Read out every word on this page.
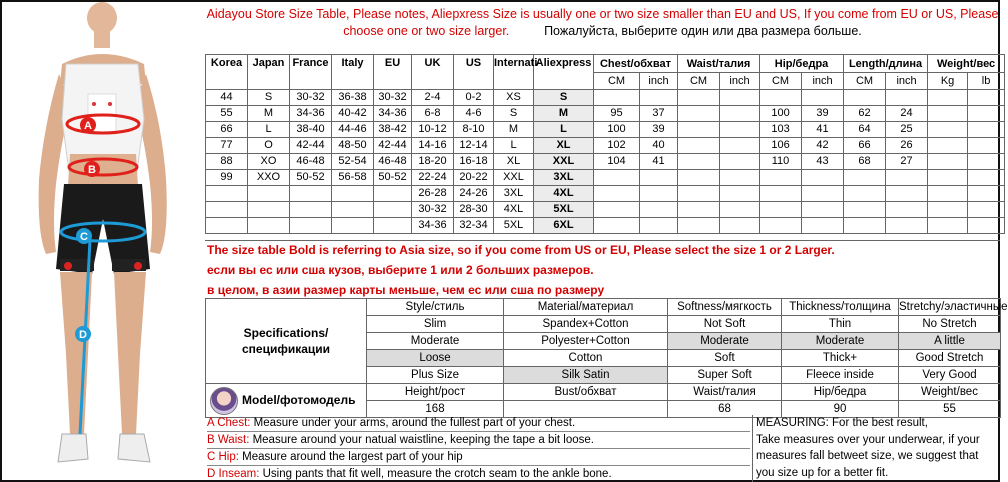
A
B
C
D
Aidayou Store Size Table, Please notes, Aliepxress Size is usually one or two size smaller than EU and US, If you come from EU or US, Please
choose one or two size larger.	Пожалуйста, выберите один или два размера больше.
Korea	Japan	France	Italy	EU	UK	US	Internati-	Aliexpress	Chest/обхват		Waist/талия		Hip/бедра		Length/длина		Weight/вес	
									CM	inch	CM	inch	CM	inch	CM	inch	Kg	lb
44	S	30-32	36-38	30-32	2-4	0-2	XS	S										
55	M	34-36	40-42	34-36	6-8	4-6	S	M	95	37			100	39	62	24		
66	L	38-40	44-46	38-42	10-12	8-10	M	L	100	39			103	41	64	25		
77	O	42-44	48-50	42-44	14-16	12-14	L	XL	102	40			106	42	66	26		
88	XO	46-48	52-54	46-48	18-20	16-18	XL	XXL	104	41			110	43	68	27		
99	XXO	50-52	56-58	50-52	22-24	20-22	XXL	3XL										
					26-28	24-26	3XL	4XL										
					30-32	28-30	4XL	5XL										
					34-36	32-34	5XL	6XL										
The size table Bold is referring to Asia size, so if you come from US or EU, Please select the size 1 or 2 Larger.
если вы ес или сша кузов, выберите 1 или 2 больших размеров.
в целом, в азии размер карты меньше, чем ес или сша по размеру
Specifications/ спецификации	Style/стиль	Material/материал	Softness/мягкость	Thickness/толщина	Stretchy/эластичные
	Slim	Spandex+Cotton	Not Soft	Thin	No Stretch
	Moderate	Polyester+Cotton	Moderate	Moderate	A little
	Loose	Cotton	Soft	Thick+	Good Stretch
	Plus Size	Silk Satin	Super Soft	Fleece inside	Very Good
Model/фотомодель	Height/рост	Bust/обхват	Waist/талия	Hip/бедра	Weight/вес
	168		68	90	55
A Chest: Measure under your arms, around the fullest part of your chest.
B Waist: Measure around your natual waistline, keeping the tape a bit loose.
C Hip: Measure around the largest part of your hip
D Inseam: Using pants that fit well, measure the crotch seam to the ankle bone.
MEASURING: For the best result,
Take measures over your underwear, if your
measures fall betweet size, we suggest that
you size up for a better fit.
